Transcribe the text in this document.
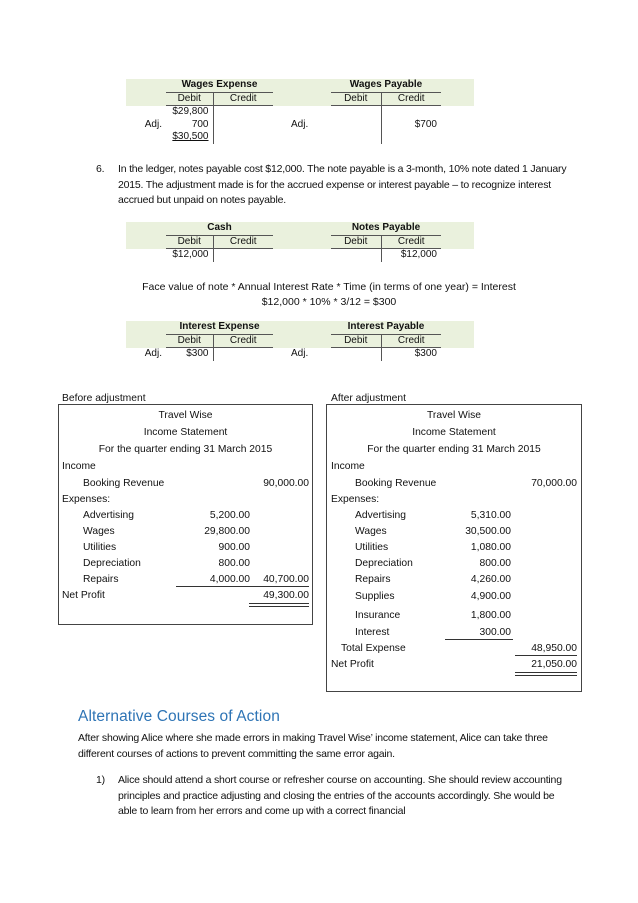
	Wages Expense				Wages Payable		
	Debit	Credit			Debit	Credit	
	$29,800						
Adj.	700			Adj.		$700	
	$30,500						
6. In the ledger, notes payable cost $12,000. The note payable is a 3-month, 10% note dated 1 January 2015. The adjustment made is for the accrued expense or interest payable – to recognize interest accrued but unpaid on notes payable.
	Cash				Notes Payable		
	Debit	Credit			Debit	Credit	
	$12,000					$12,000	
Face value of note * Annual Interest Rate * Time (in terms of one year) = Interest
$12,000 * 10% * 3/12 = $300
	Interest Expense				Interest Payable		
	Debit	Credit			Debit	Credit	
Adj.	$300			Adj.		$300	
Before adjustment
Travel Wise
Income Statement
For the quarter ending 31 March 2015
Income
Booking Revenue	90,000.00
Expenses:
Advertising	5,200.00
Wages	29,800.00
Utilities	900.00
Depreciation	800.00
Repairs	4,000.00	40,700.00
Net Profit	49,300.00
After adjustment
Travel Wise
Income Statement
For the quarter ending 31 March 2015
Income
Booking Revenue	70,000.00
Expenses:
Advertising	5,310.00
Wages	30,500.00
Utilities	1,080.00
Depreciation	800.00
Repairs	4,260.00
Supplies	4,900.00
Insurance	1,800.00
Interest	300.00
Total Expense	48,950.00
Net Profit	21,050.00
Alternative Courses of Action
After showing Alice where she made errors in making Travel Wise’ income statement, Alice can take three different courses of actions to prevent committing the same error again.
1) Alice should attend a short course or refresher course on accounting. She should review accounting principles and practice adjusting and closing the entries of the accounts accordingly. She would be able to learn from her errors and come up with a correct financial
